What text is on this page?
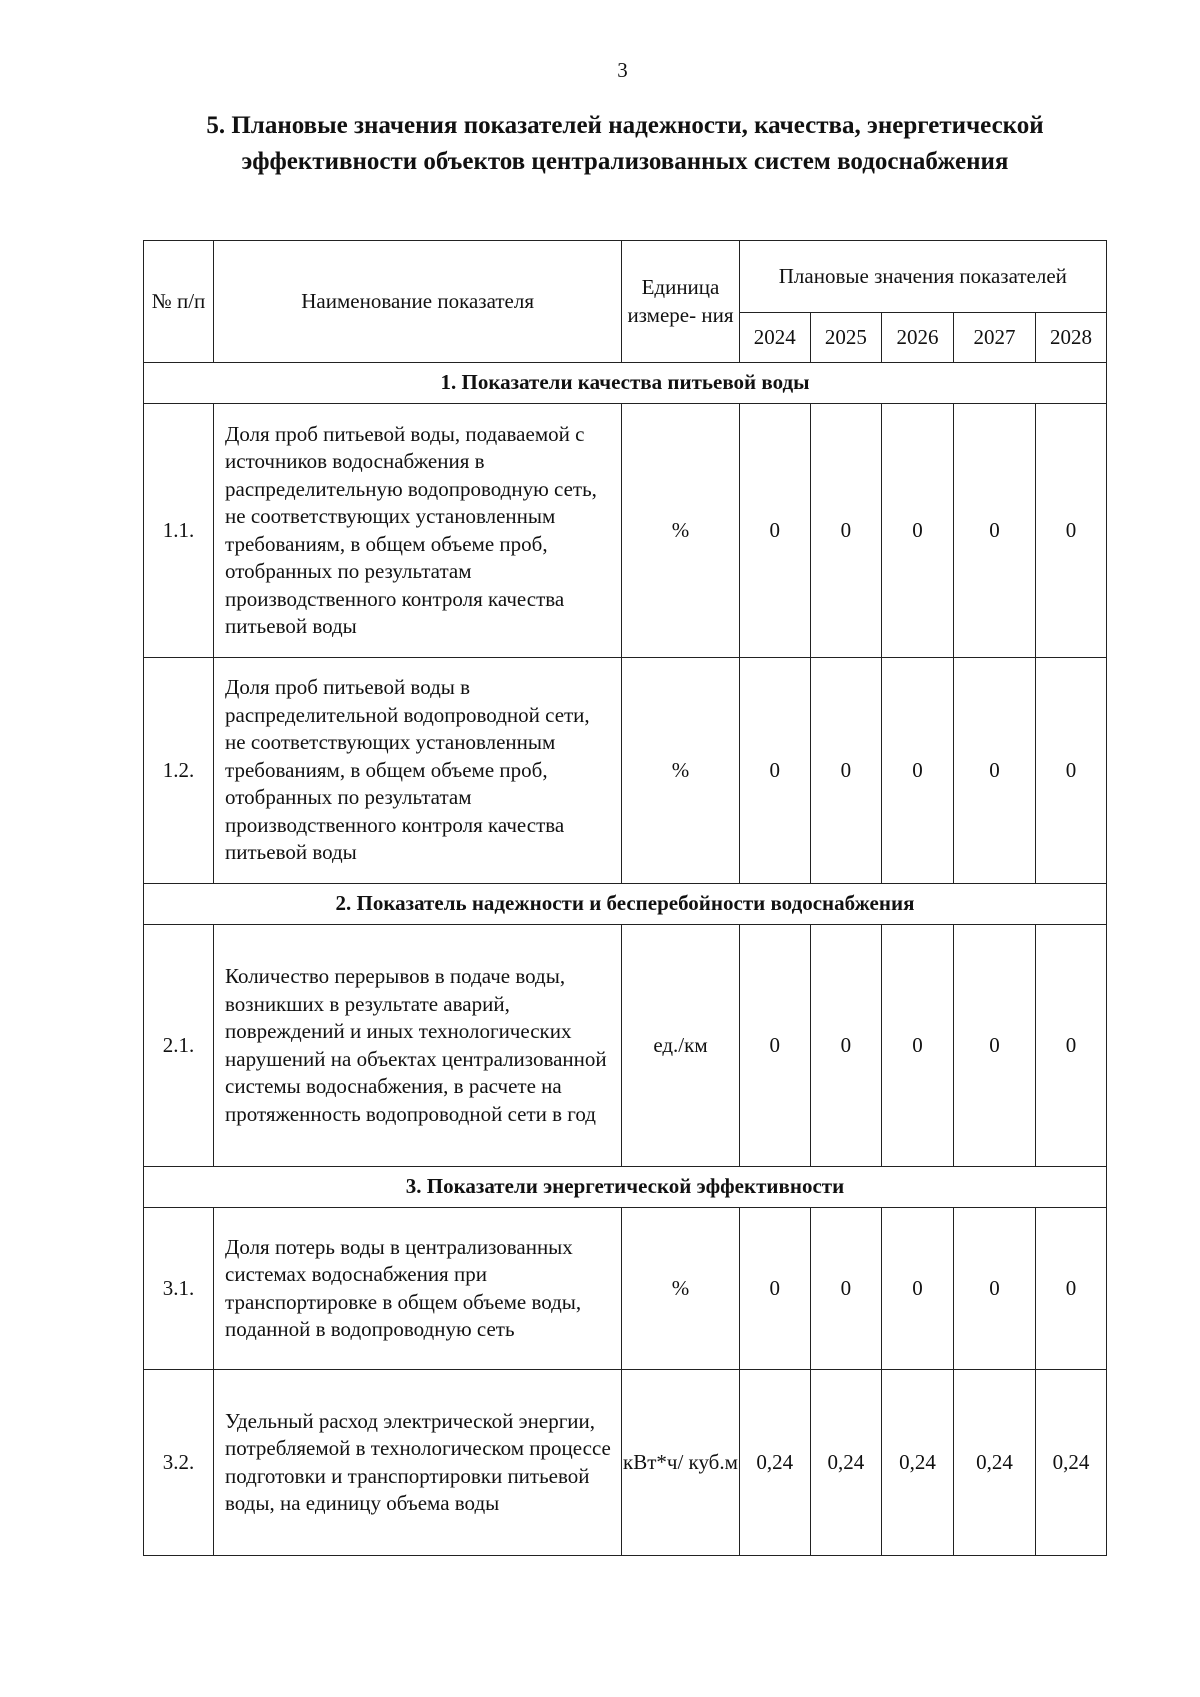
3
5. Плановые значения показателей надежности, качества, энергетической
эффективности объектов централизованных систем водоснабжения
№ п/п	Наименование показателя	Единица измере- ния	Плановые значения показателей				
			2024	2025	2026	2027	2028
1. Показатели качества питьевой воды							
1.1.	Доля проб питьевой воды, подаваемой с источников водоснабжения в распределительную водопроводную сеть, не соответствующих установленным требованиям, в общем объеме проб, отобранных по результатам производственного контроля качества питьевой воды	%	0	0	0	0	0
1.2.	Доля проб питьевой воды в распределительной водопроводной сети, не соответствующих установленным требованиям, в общем объеме проб, отобранных по результатам производственного контроля качества питьевой воды	%	0	0	0	0	0
2. Показатель надежности и бесперебойности водоснабжения							
2.1.	Количество перерывов в подаче воды, возникших в результате аварий, повреждений и иных технологических нарушений на объектах централизованной системы водоснабжения, в расчете на протяженность водопроводной сети в год	ед./км	0	0	0	0	0
3. Показатели энергетической эффективности							
3.1.	Доля потерь воды в централизованных системах водоснабжения при транспортировке в общем объеме воды, поданной в водопроводную сеть	%	0	0	0	0	0
3.2.	Удельный расход электрической энергии, потребляемой в технологическом процессе подготовки и транспортировки питьевой воды, на единицу объема воды	кВт*ч/ куб.м	0,24	0,24	0,24	0,24	0,24
